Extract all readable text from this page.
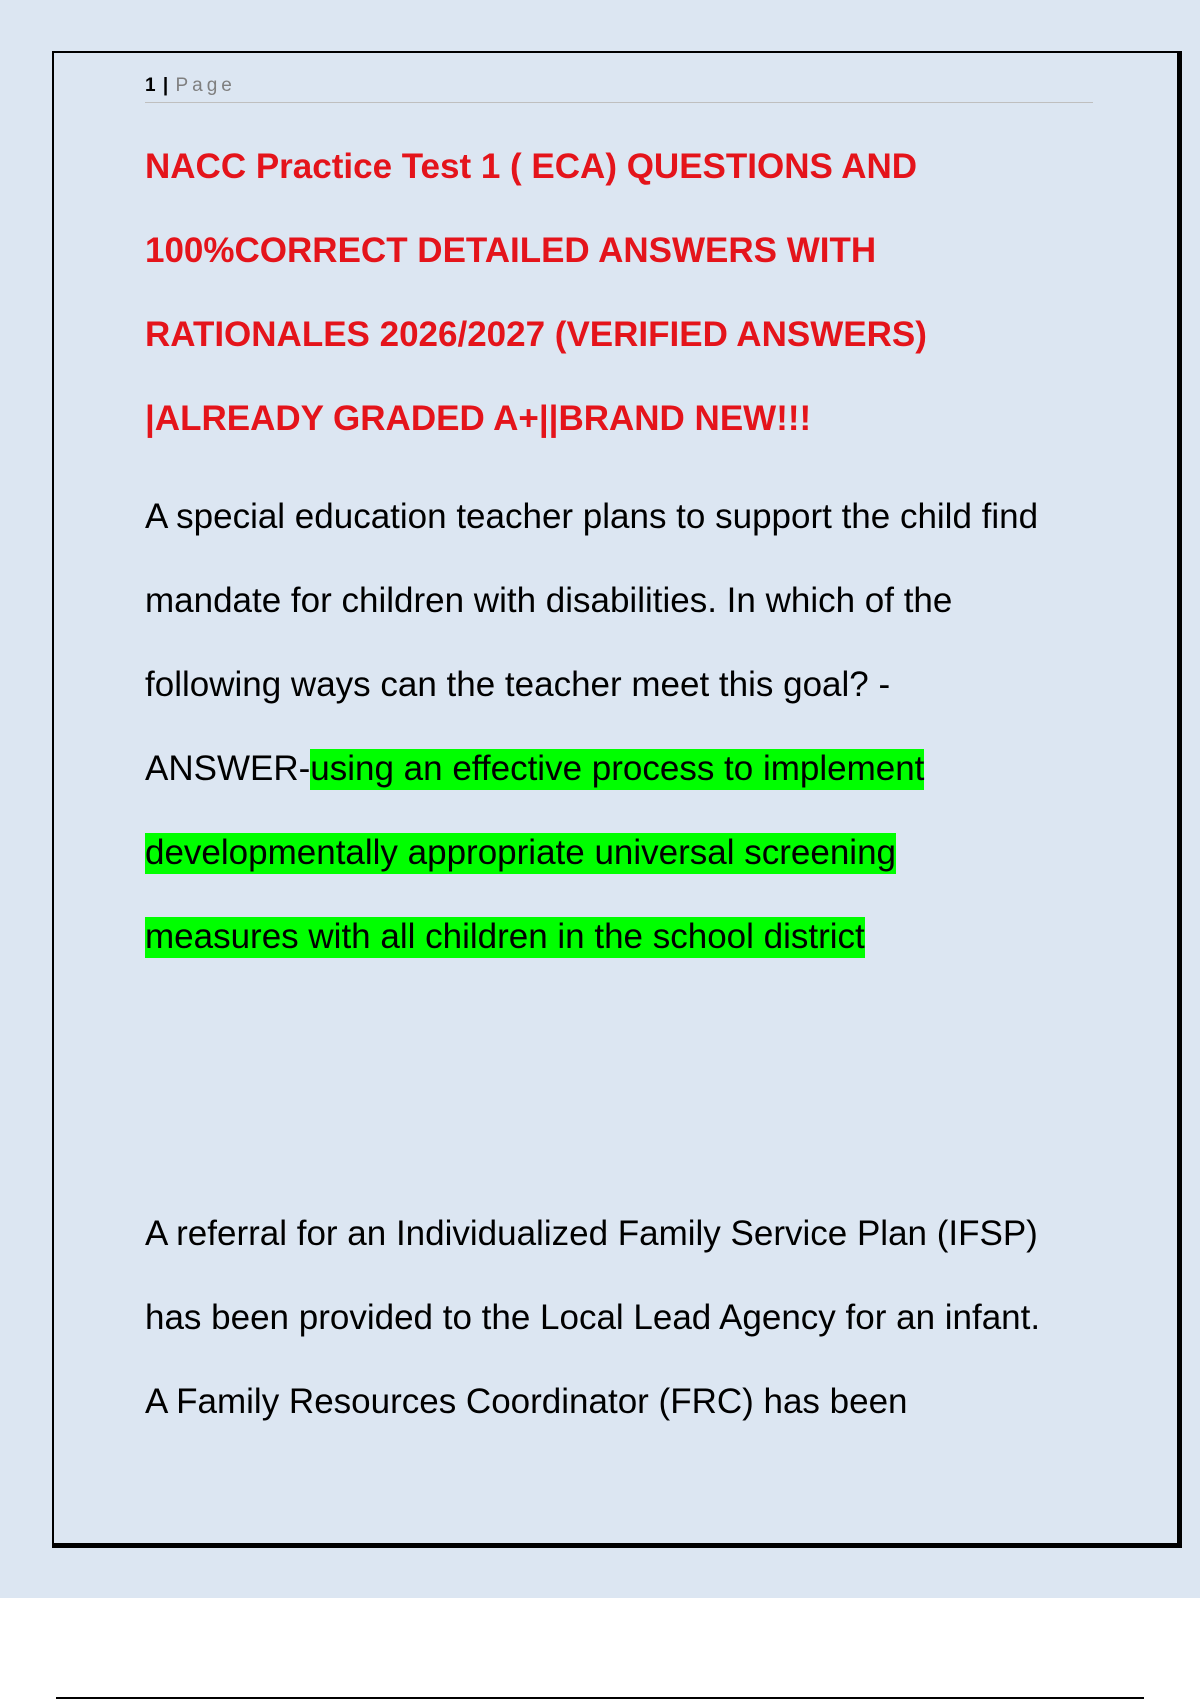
1 | Page
NACC Practice Test 1 ( ECA) QUESTIONS AND
100%CORRECT DETAILED ANSWERS WITH
RATIONALES 2026/2027 (VERIFIED ANSWERS)
|ALREADY GRADED A+||BRAND NEW!!!
A special education teacher plans to support the child find
mandate for children with disabilities. In which of the
following ways can the teacher meet this goal? -
ANSWER-using an effective process to implement
developmentally appropriate universal screening
measures with all children in the school district
A referral for an Individualized Family Service Plan (IFSP)
has been provided to the Local Lead Agency for an infant.
A Family Resources Coordinator (FRC) has been
